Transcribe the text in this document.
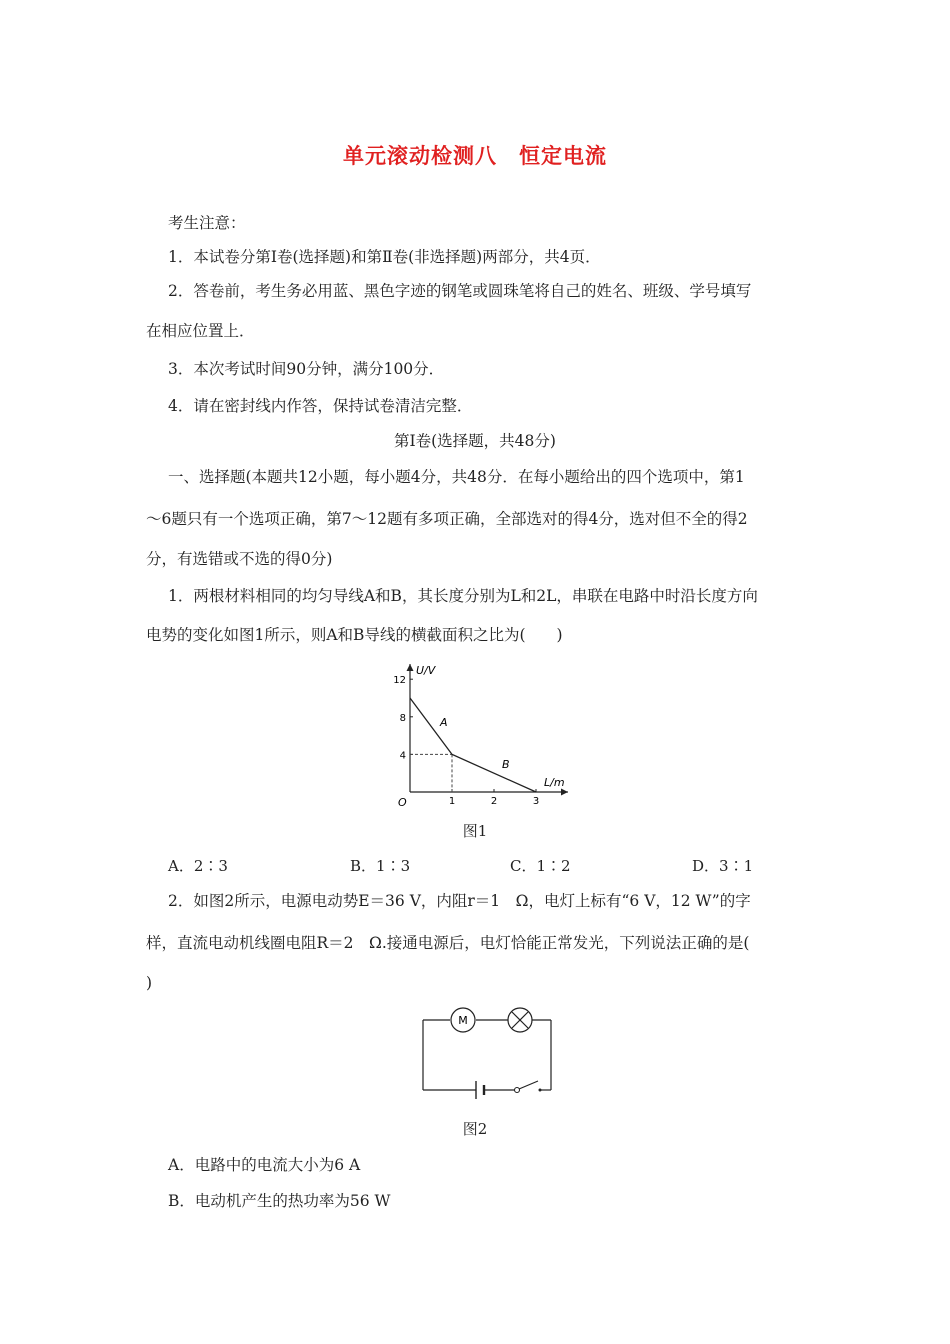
单元滚动检测八　恒定电流
考生注意：
1．本试卷分第Ⅰ卷(选择题)和第Ⅱ卷(非选择题)两部分，共4页．
2．答卷前，考生务必用蓝、黑色字迹的钢笔或圆珠笔将自己的姓名、班级、学号填写
在相应位置上．
3．本次考试时间90分钟，满分100分．
4．请在密封线内作答，保持试卷清洁完整．
第Ⅰ卷(选择题，共48分)
一、选择题(本题共12小题，每小题4分，共48分．在每小题给出的四个选项中，第1
～6题只有一个选项正确，第7～12题有多项正确，全部选对的得4分，选对但不全的得2
分，有选错或不选的得0分)
1．两根材料相同的均匀导线A和B，其长度分别为L和2L，串联在电路中时沿长度方向
电势的变化如图1所示，则A和B导线的横截面积之比为(　　)
1	2	3
4
8
12
U/V
L/m
O
A
B
图1
A．2∶3	B．1∶3	C．1∶2	D．3∶1
2．如图2所示，电源电动势E＝36 V，内阻r＝1　Ω，电灯上标有“6 V，12 W”的字
样，直流电动机线圈电阻R＝2　Ω.接通电源后，电灯恰能正常发光，下列说法正确的是(
)
M
图2
A．电路中的电流大小为6 A
B．电动机产生的热功率为56 W
